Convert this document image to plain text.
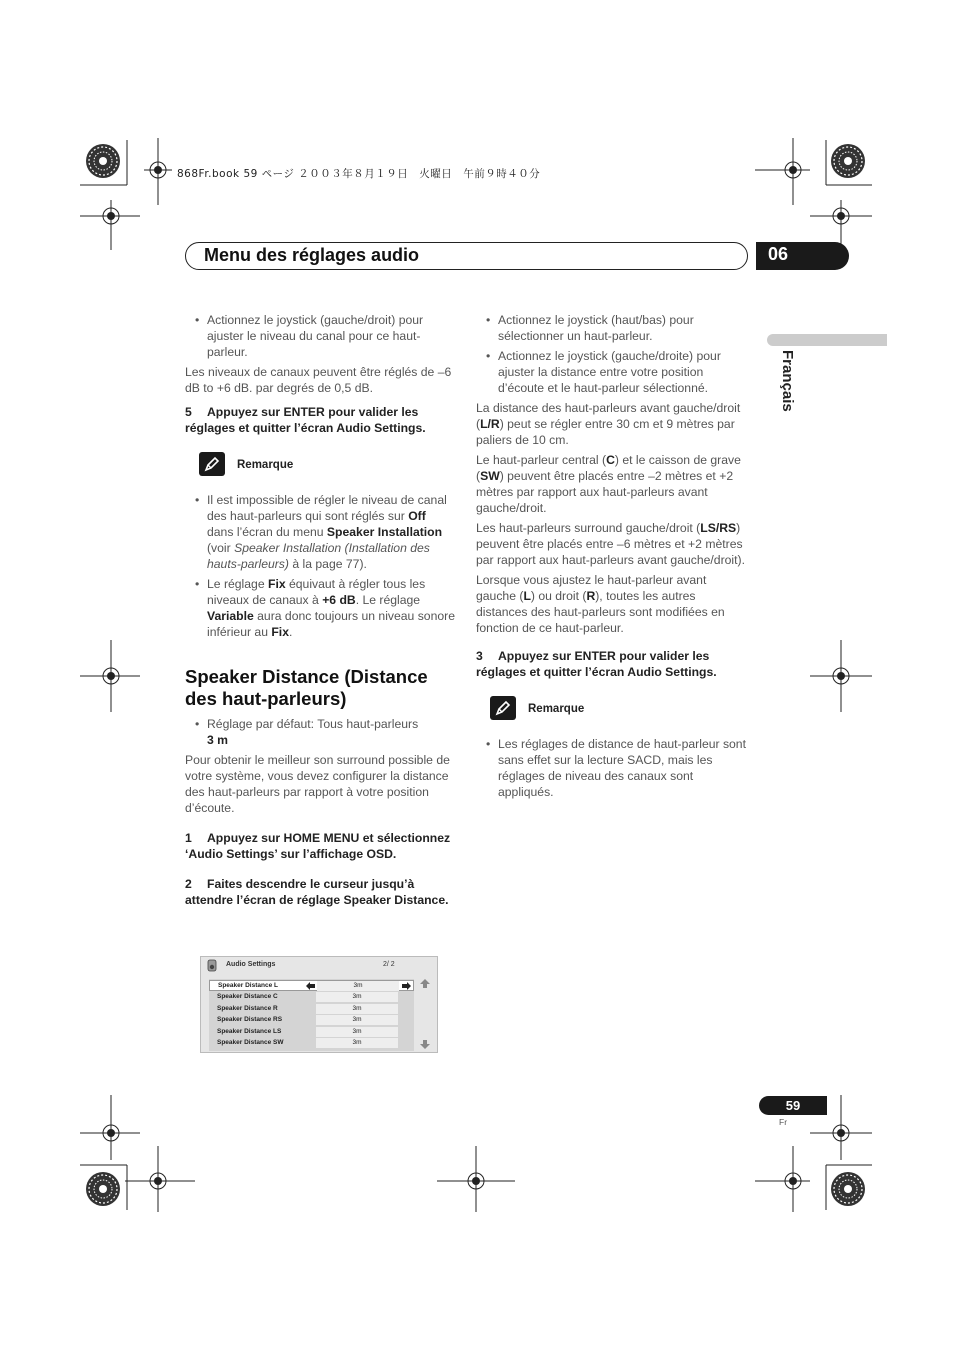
868Fr.book 59 ページ ２００３年８月１９日　火曜日　午前９時４０分
Menu des réglages audio	06
Français
• Actionnez le joystick (gauche/droit) pour ajuster le niveau du canal pour ce haut-parleur.

Les niveaux de canaux peuvent être réglés de –6 dB to +6 dB. par degrés de 0,5 dB.

5 Appuyez sur ENTER pour valider les réglages et quitter l’écran Audio Settings.
Remarque
• Il est impossible de régler le niveau de canal des haut-parleurs qui sont réglés sur Off dans l’écran du menu Speaker Installation (voir Speaker Installation (Installation des hauts-parleurs) à la page 77).
• Le réglage Fix équivaut à régler tous les niveaux de canaux à +6 dB. Le réglage Variable aura donc toujours un niveau sonore inférieur au Fix.
Speaker Distance (Distance des haut-parleurs)
• Réglage par défaut: Tous haut-parleurs
3 m

Pour obtenir le meilleur son surround possible de votre système, vous devez configurer la distance des haut-parleurs par rapport à votre position d’écoute.

1 Appuyez sur HOME MENU et sélectionnez ‘Audio Settings’ sur l’affichage OSD.
2 Faites descendre le curseur jusqu’à attendre l’écran de réglage Speaker Distance.
Audio Settings	2/ 2
Speaker Distance L	3m
Speaker Distance C	3m
Speaker Distance R	3m
Speaker Distance RS	3m
Speaker Distance LS	3m
Speaker Distance SW	3m
• Actionnez le joystick (haut/bas) pour sélectionner un haut-parleur.
• Actionnez le joystick (gauche/droite) pour ajuster la distance entre votre position d’écoute et le haut-parleur sélectionné.

La distance des haut-parleurs avant gauche/droit (L/R) peut se régler entre 30 cm et 9 mètres par paliers de 10 cm.

Le haut-parleur central (C) et le caisson de grave (SW) peuvent être placés entre –2 mètres et +2 mètres par rapport aux haut-parleurs avant gauche/droit.

Les haut-parleurs surround gauche/droit (LS/RS) peuvent être placés entre –6 mètres et +2 mètres par rapport aux haut-parleurs avant gauche/droit).

Lorsque vous ajustez le haut-parleur avant gauche (L) ou droit (R), toutes les autres distances des haut-parleurs sont modifiées en fonction de ce haut-parleur.

3 Appuyez sur ENTER pour valider les réglages et quitter l’écran Audio Settings.
Remarque
• Les réglages de distance de haut-parleur sont sans effet sur la lecture SACD, mais les réglages de niveau des canaux sont appliqués.
59
Fr
